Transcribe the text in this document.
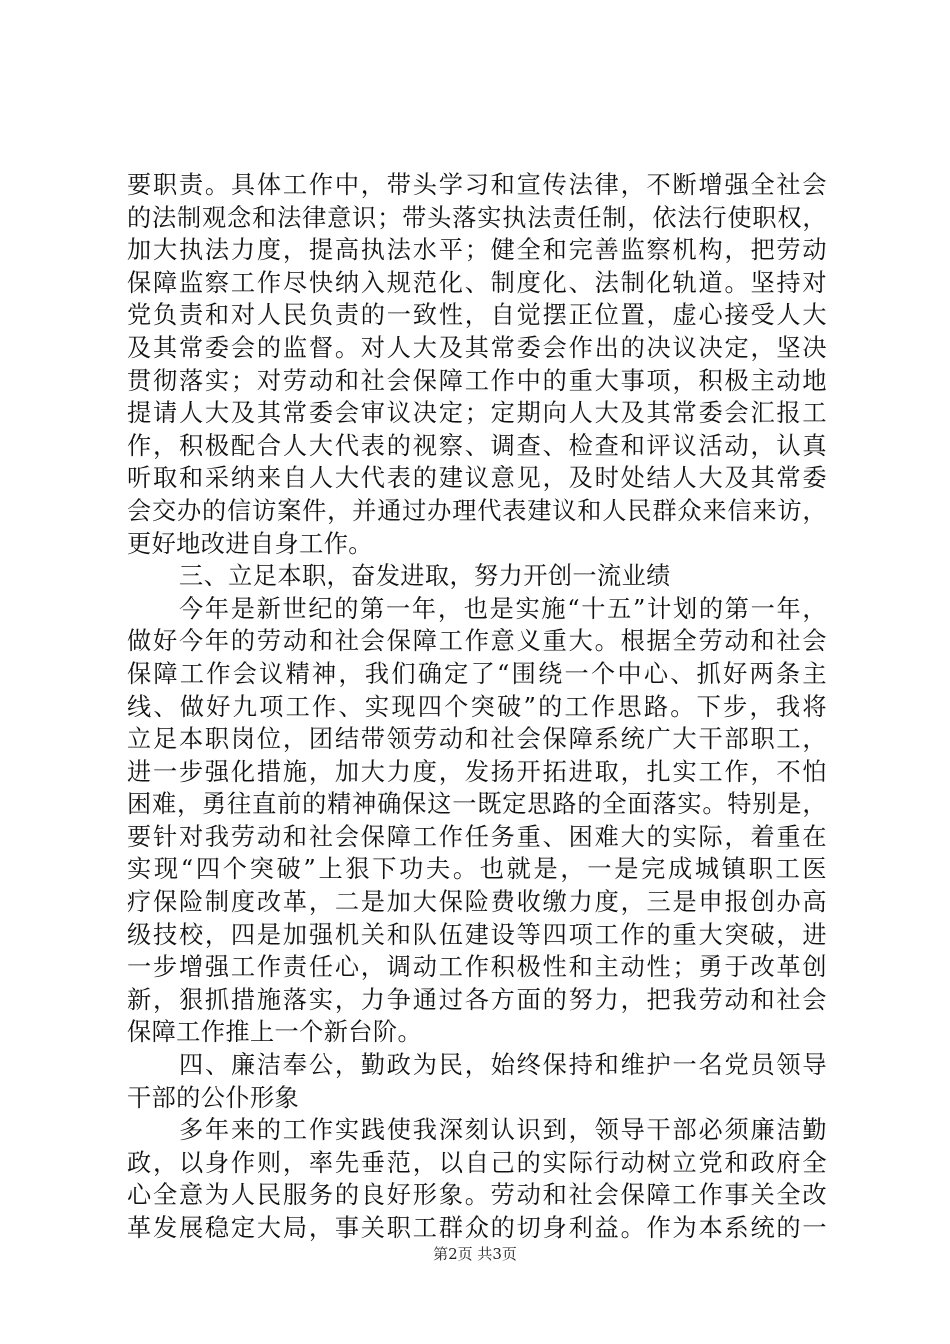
要职责。具体工作中，带头学习和宣传法律，不断增强全社会
的法制观念和法律意识；带头落实执法责任制，依法行使职权，
加大执法力度，提高执法水平；健全和完善监察机构，把劳动
保障监察工作尽快纳入规范化、制度化、法制化轨道。坚持对
党负责和对人民负责的一致性，自觉摆正位置，虚心接受人大
及其常委会的监督。对人大及其常委会作出的决议决定，坚决
贯彻落实；对劳动和社会保障工作中的重大事项，积极主动地
提请人大及其常委会审议决定；定期向人大及其常委会汇报工
作，积极配合人大代表的视察、调查、检查和评议活动，认真
听取和采纳来自人大代表的建议意见，及时处结人大及其常委
会交办的信访案件，并通过办理代表建议和人民群众来信来访，
更好地改进自身工作。
三、立足本职，奋发进取，努力开创一流业绩
今年是新世纪的第一年，也是实施“十五”计划的第一年，
做好今年的劳动和社会保障工作意义重大。根据全劳动和社会
保障工作会议精神，我们确定了“围绕一个中心、抓好两条主
线、做好九项工作、实现四个突破”的工作思路。下步，我将
立足本职岗位，团结带领劳动和社会保障系统广大干部职工，
进一步强化措施，加大力度，发扬开拓进取，扎实工作，不怕
困难，勇往直前的精神确保这一既定思路的全面落实。特别是，
要针对我劳动和社会保障工作任务重、困难大的实际，着重在
实现“四个突破”上狠下功夫。也就是，一是完成城镇职工医
疗保险制度改革，二是加大保险费收缴力度，三是申报创办高
级技校，四是加强机关和队伍建设等四项工作的重大突破，进
一步增强工作责任心，调动工作积极性和主动性；勇于改革创
新，狠抓措施落实，力争通过各方面的努力，把我劳动和社会
保障工作推上一个新台阶。
四、廉洁奉公，勤政为民，始终保持和维护一名党员领导
干部的公仆形象
多年来的工作实践使我深刻认识到，领导干部必须廉洁勤
政，以身作则，率先垂范，以自己的实际行动树立党和政府全
心全意为人民服务的良好形象。劳动和社会保障工作事关全改
革发展稳定大局，事关职工群众的切身利益。作为本系统的一
第2页 共3页
